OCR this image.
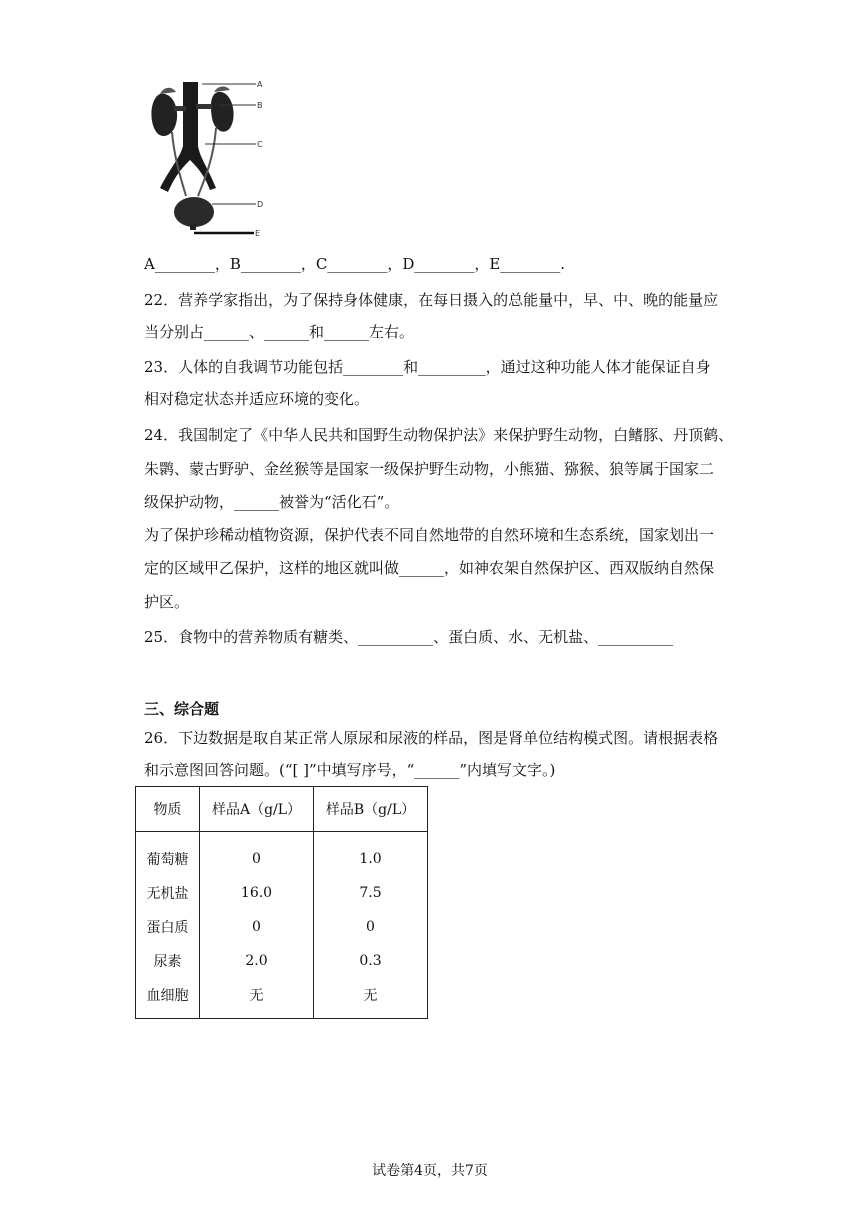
A
B
C
D
E
A________，B________，C________，D________，E________.
22．营养学家指出，为了保持身体健康，在每日摄入的总能量中，早、中、晚的能量应
当分别占______、______和______左右。
23．人体的自我调节功能包括________和_________，通过这种功能人体才能保证自身
相对稳定状态并适应环境的变化。
24．我国制定了《中华人民共和国野生动物保护法》来保护野生动物，白鳍豚、丹顶鹤、
朱鹮、蒙古野驴、金丝猴等是国家一级保护野生动物，小熊猫、猕猴、狼等属于国家二
级保护动物，______被誉为“活化石”。
为了保护珍稀动植物资源，保护代表不同自然地带的自然环境和生态系统，国家划出一
定的区域甲乙保护，这样的地区就叫做______，如神农架自然保护区、西双版纳自然保
护区。
25．食物中的营养物质有糖类、__________、蛋白质、水、无机盐、__________
三、综合题
26．下边数据是取自某正常人原尿和尿液的样品，图是肾单位结构模式图。请根据表格
和示意图回答问题。(“[ ]”中填写序号，“______”内填写文字。)
物质	样品A（g/L）	样品B（g/L）
葡萄糖	0	1.0
无机盐	16.0	7.5
蛋白质	0	0
尿素	2.0	0.3
血细胞	无	无
试卷第4页，共7页
